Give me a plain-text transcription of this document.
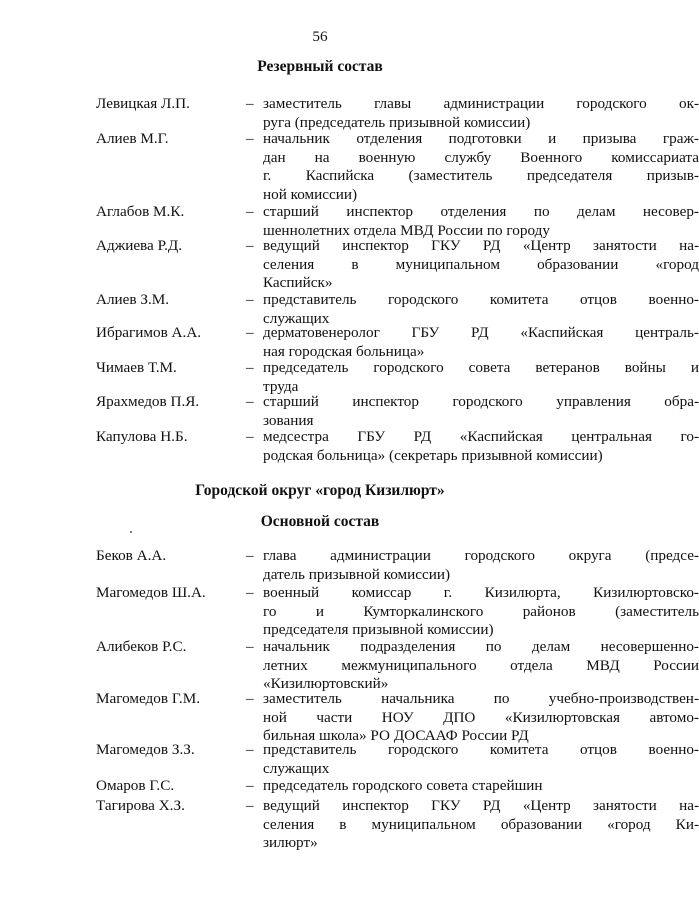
56
Резервный состав
Левицкая Л.П.	– заместитель главы администрации городского ок-
руга (председатель призывной комиссии)
Алиев М.Г.	– начальник отделения подготовки и призыва граж-
дан на военную службу Военного комиссариата
г. Каспийска (заместитель председателя призыв-
ной комиссии)
Аглабов М.К.	– старший инспектор отделения по делам несовер-
шеннолетних отдела МВД России по городу
Аджиева Р.Д.	– ведущий инспектор ГКУ РД «Центр занятости на-
селения в муниципальном образовании «город
Каспийск»
Алиев З.М.	– представитель городского комитета отцов военно-
служащих
Ибрагимов А.А.	– дерматовенеролог ГБУ РД «Каспийская централь-
ная городская больница»
Чимаев Т.М.	– председатель городского совета ветеранов войны и
труда
Ярахмедов П.Я.	– старший инспектор городского управления обра-
зования
Капулова Н.Б.	– медсестра ГБУ РД «Каспийская центральная го-
родская больница» (секретарь призывной комиссии)
Городской округ «город Кизилюрт»
Основной состав
Беков А.А.	– глава администрации городского округа (предсе-
датель призывной комиссии)
Магомедов Ш.А.	– военный комиссар г. Кизилюрта, Кизилюртовско-
го и Кумторкалинского районов (заместитель
председателя призывной комиссии)
Алибеков Р.С.	– начальник подразделения по делам несовершенно-
летних межмуниципального отдела МВД России
«Кизилюртовский»
Магомедов Г.М.	– заместитель начальника по учебно-производствен-
ной части НОУ ДПО «Кизилюртовская автомо-
бильная школа» РО ДОСААФ России РД
Магомедов З.З.	– представитель городского комитета отцов военно-
служащих
Омаров Г.С.	– председатель городского совета старейшин
Тагирова Х.З.	– ведущий инспектор ГКУ РД «Центр занятости на-
селения в муниципальном образовании «город Ки-
зилюрт»
